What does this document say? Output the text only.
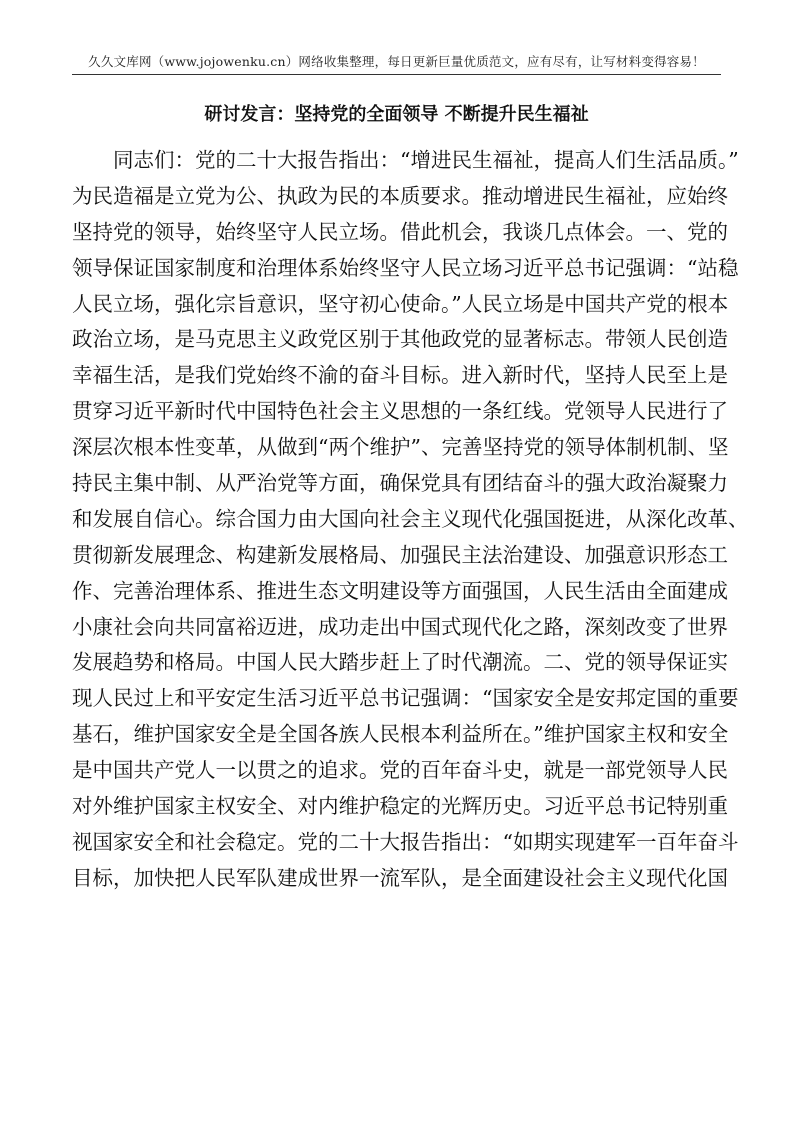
久久文库网（www.jojowenku.cn）网络收集整理，每日更新巨量优质范文，应有尽有，让写材料变得容易！
研讨发言：坚持党的全面领导 不断提升民生福祉
同志们：党的二十大报告指出：“增进民生福祉，提高人们生活品质。”
为民造福是立党为公、执政为民的本质要求。推动增进民生福祉，应始终
坚持党的领导，始终坚守人民立场。借此机会，我谈几点体会。一、党的
领导保证国家制度和治理体系始终坚守人民立场习近平总书记强调：“站稳
人民立场，强化宗旨意识，坚守初心使命。”人民立场是中国共产党的根本
政治立场，是马克思主义政党区别于其他政党的显著标志。带领人民创造
幸福生活，是我们党始终不渝的奋斗目标。进入新时代，坚持人民至上是
贯穿习近平新时代中国特色社会主义思想的一条红线。党领导人民进行了
深层次根本性变革，从做到“两个维护”、完善坚持党的领导体制机制、坚
持民主集中制、从严治党等方面，确保党具有团结奋斗的强大政治凝聚力
和发展自信心。综合国力由大国向社会主义现代化强国挺进，从深化改革、
贯彻新发展理念、构建新发展格局、加强民主法治建设、加强意识形态工
作、完善治理体系、推进生态文明建设等方面强国，人民生活由全面建成
小康社会向共同富裕迈进，成功走出中国式现代化之路，深刻改变了世界
发展趋势和格局。中国人民大踏步赶上了时代潮流。二、党的领导保证实
现人民过上和平安定生活习近平总书记强调：“国家安全是安邦定国的重要
基石，维护国家安全是全国各族人民根本利益所在。”维护国家主权和安全
是中国共产党人一以贯之的追求。党的百年奋斗史，就是一部党领导人民
对外维护国家主权安全、对内维护稳定的光辉历史。习近平总书记特别重
视国家安全和社会稳定。党的二十大报告指出：“如期实现建军一百年奋斗
目标，加快把人民军队建成世界一流军队，是全面建设社会主义现代化国
